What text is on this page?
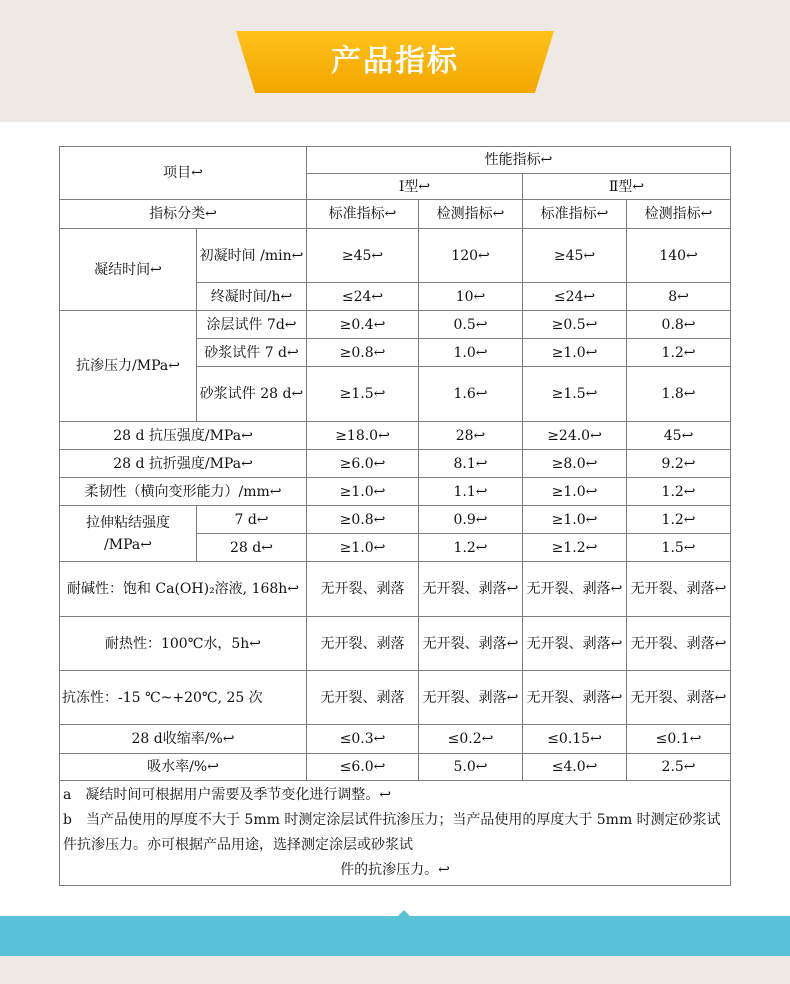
产品指标
项目↩		性能指标↩			
		Ⅰ型↩		Ⅱ型↩	
指标分类↩		标准指标↩	检测指标↩	标准指标↩	检测指标↩
凝结时间↩	初凝时间 /min↩	≥45↩	120↩	≥45↩	140↩
	终凝时间/h↩	≤24↩	10↩	≤24↩	8↩
抗渗压力/MPa↩	涂层试件 7d↩	≥0.4↩	0.5↩	≥0.5↩	0.8↩
	砂浆试件 7 d↩	≥0.8↩	1.0↩	≥1.0↩	1.2↩
	砂浆试件 28 d↩	≥1.5↩	1.6↩	≥1.5↩	1.8↩
28 d 抗压强度/MPa↩		≥18.0↩	28↩	≥24.0↩	45↩
28 d 抗折强度/MPa↩		≥6.0↩	8.1↩	≥8.0↩	9.2↩
柔韧性（横向变形能力）/mm↩		≥1.0↩	1.1↩	≥1.0↩	1.2↩
拉伸粘结强度 /MPa↩	7 d↩	≥0.8↩	0.9↩	≥1.0↩	1.2↩
	28 d↩	≥1.0↩	1.2↩	≥1.2↩	1.5↩
耐碱性：饱和 Ca(OH)₂溶液, 168h↩		无开裂、剥落	无开裂、剥落↩	无开裂、剥落↩	无开裂、剥落↩
耐热性：100℃水，5h↩		无开裂、剥落	无开裂、剥落↩	无开裂、剥落↩	无开裂、剥落↩
抗冻性：-15 ℃~+20℃, 25 次		无开裂、剥落	无开裂、剥落↩	无开裂、剥落↩	无开裂、剥落↩
28 d收缩率/%↩		≤0.3↩	≤0.2↩	≤0.15↩	≤0.1↩
吸水率/%↩		≤6.0↩	5.0↩	≤4.0↩	2.5↩

a　凝结时间可根据用户需要及季节变化进行调整。↩
b　当产品使用的厚度不大于 5mm 时测定涂层试件抗渗压力；当产品使用的厚度大于 5mm 时测定砂浆试件抗渗压力。亦可根据产品用途，选择测定涂层或砂浆试
件的抗渗压力。↩					
